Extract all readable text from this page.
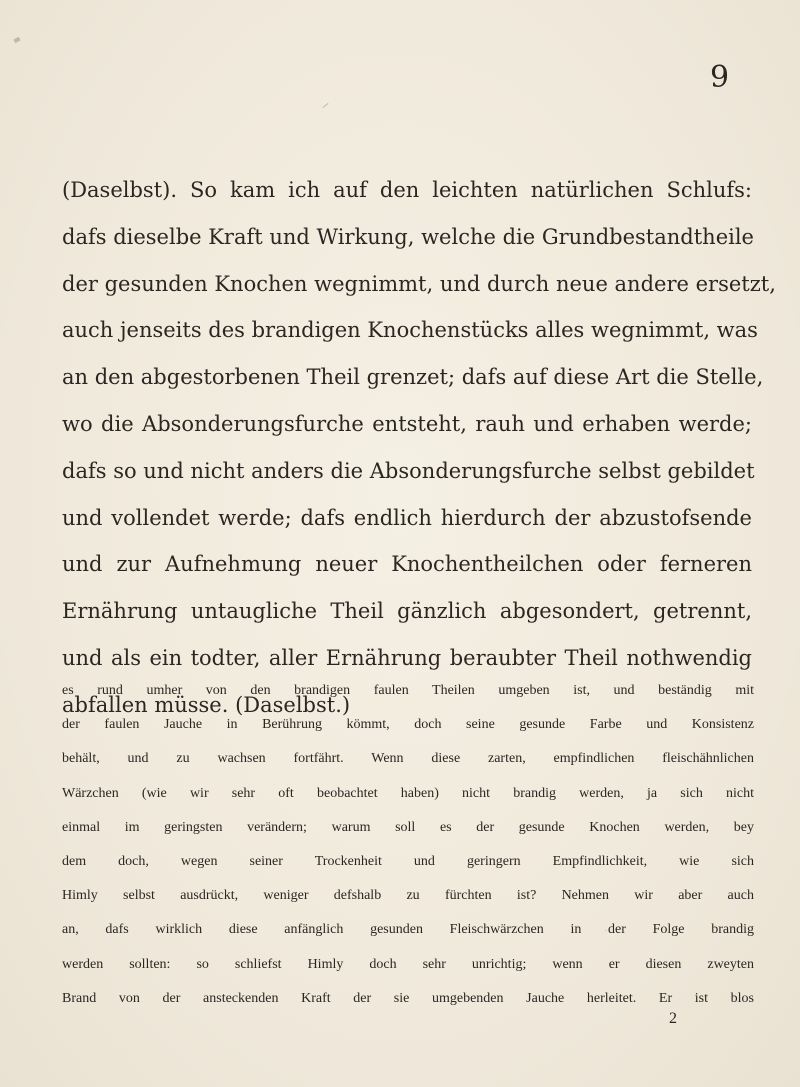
9
(Daselbst). So kam ich auf den leichten natürlichen Schlufs:
dafs dieselbe Kraft und Wirkung, welche die Grundbestandtheile
der gesunden Knochen wegnimmt, und durch neue andere ersetzt,
auch jenseits des brandigen Knochenstücks alles wegnimmt, was
an den abgestorbenen Theil grenzet; dafs auf diese Art die Stelle,
wo die Absonderungsfurche entsteht, rauh und erhaben werde;
dafs so und nicht anders die Absonderungsfurche selbst gebildet
und vollendet werde; dafs endlich hierdurch der abzustofsende
und zur Aufnehmung neuer Knochentheilchen oder ferneren
Ernährung untaugliche Theil gänzlich abgesondert, getrennt,
und als ein todter, aller Ernährung beraubter Theil nothwendig
abfallen müsse. (Daselbst.)
es rund umher von den brandigen faulen Theilen umgeben ist, und beständig mit
der faulen Jauche in Berührung kömmt, doch seine gesunde Farbe und Konsistenz
behält, und zu wachsen fortfährt. Wenn diese zarten, empfindlichen fleischähnlichen
Wärzchen (wie wir sehr oft beobachtet haben) nicht brandig werden, ja sich nicht
einmal im geringsten verändern; warum soll es der gesunde Knochen werden, bey
dem doch, wegen seiner Trockenheit und geringern Empfindlichkeit, wie sich
Himly selbst ausdrückt, weniger defshalb zu fürchten ist? Nehmen wir aber auch
an, dafs wirklich diese anfänglich gesunden Fleischwärzchen in der Folge brandig
werden sollten: so schliefst Himly doch sehr unrichtig; wenn er diesen zweyten
Brand von der ansteckenden Kraft der sie umgebenden Jauche herleitet. Er ist blos
2
